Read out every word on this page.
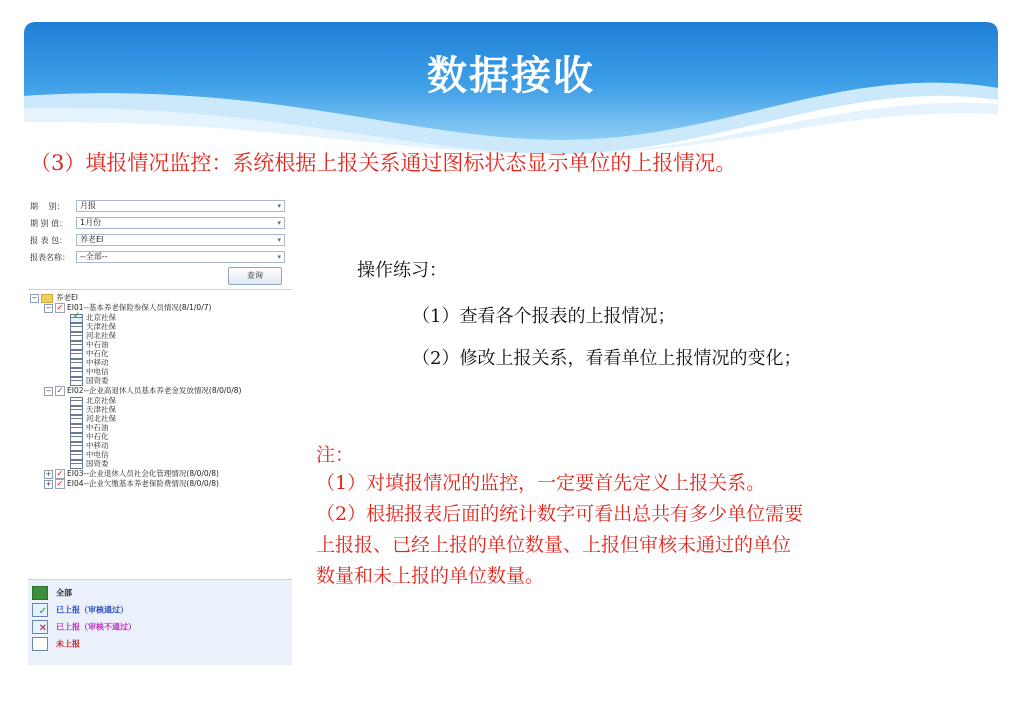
数据接收
（3）填报情况监控：系统根据上报关系通过图标状态显示单位的上报情况。
期　 别：	月报	▾
期 别 值：	1月份	▾
报 表 包：	养老EI	▾
报表名称：	--全部--	▾
查询
− 养老EI
− ✓ EI01--基本养老保险参保人员情况(8/1/0/7)
✓北京社保
天津社保
河北社保
中石油
中石化
中移动
中电信
国资委
− ✓ EI02--企业高退休人员基本养老金发放情况(8/0/0/8)
北京社保
天津社保
河北社保
中石油
中石化
中移动
中电信
国资委
+ ✓ EI03--企业退休人员社会化管理情况(8/0/0/8)
+ ✓ EI04--企业欠缴基本养老保险费情况(8/0/0/8)
全部
✓ 已上报（审核通过）
✕ 已上报（审核不通过）
未上报
操作练习：
（1）查看各个报表的上报情况；
（2）修改上报关系，看看单位上报情况的变化；
注：
（1）对填报情况的监控，一定要首先定义上报关系。
（2）根据报表后面的统计数字可看出总共有多少单位需要
上报报、已经上报的单位数量、上报但审核未通过的单位
数量和未上报的单位数量。
